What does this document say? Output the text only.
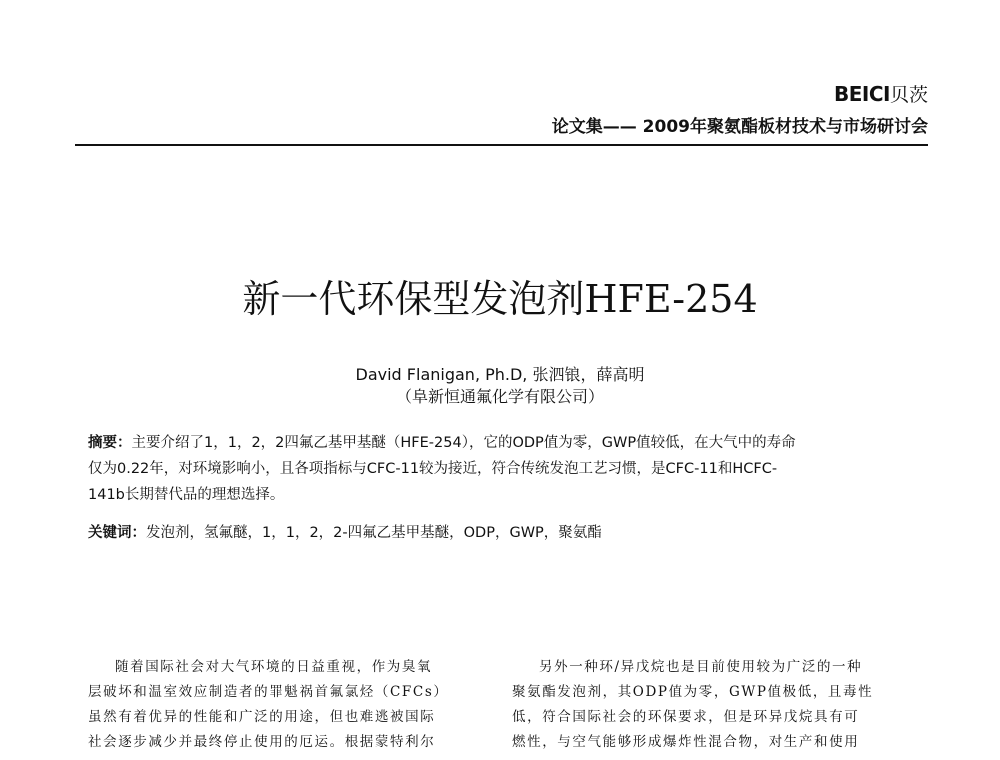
BEICI贝茨
论文集—— 2009年聚氨酯板材技术与市场研讨会
新一代环保型发泡剂HFE-254
David Flanigan, Ph.D, 张泗锒，薛高明
（阜新恒通氟化学有限公司）
摘要：主要介绍了1，1，2，2四氟乙基甲基醚（HFE-254），它的ODP值为零，GWP值较低，在大气中的寿命
仅为0.22年，对环境影响小，且各项指标与CFC-11较为接近，符合传统发泡工艺习惯，是CFC-11和HCFC-
141b长期替代品的理想选择。
关键词：发泡剂，氢氟醚，1，1，2，2-四氟乙基甲基醚，ODP，GWP，聚氨酯

随着国际社会对大气环境的日益重视，作为臭氧

层破坏和温室效应制造者的罪魁祸首氟氯烃（CFCs）

虽然有着优异的性能和广泛的用途，但也难逃被国际

社会逐步减少并最终停止使用的厄运。根据蒙特利尔

另外一种环/异戊烷也是目前使用较为广泛的一种

聚氨酯发泡剂，其ODP值为零，GWP值极低，且毒性

低，符合国际社会的环保要求，但是环异戊烷具有可

燃性，与空气能够形成爆炸性混合物，对生产和使用
